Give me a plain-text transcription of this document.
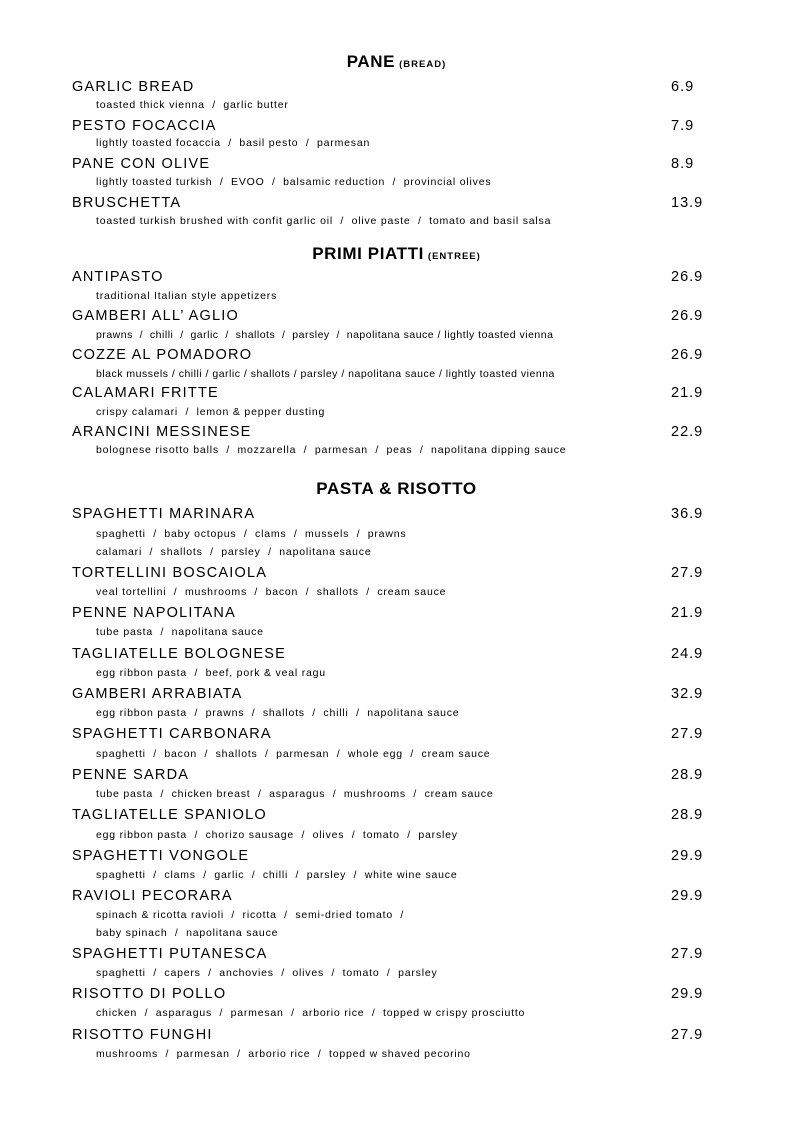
PANE (BREAD)
GARLIC BREAD	6.9
toasted thick vienna  /  garlic butter
PESTO FOCACCIA	7.9
lightly toasted focaccia  /  basil pesto  /  parmesan
PANE CON OLIVE	8.9
lightly toasted turkish  /  EVOO  /  balsamic reduction  /  provincial olives
BRUSCHETTA	13.9
toasted turkish brushed with confit garlic oil  /  olive paste  /  tomato and basil salsa
PRIMI PIATTI (ENTREE)
ANTIPASTO	26.9
traditional Italian style appetizers
GAMBERI ALL’ AGLIO	26.9
prawns  /  chilli  /  garlic  /  shallots  /  parsley  /  napolitana sauce / lightly toasted vienna
COZZE AL POMADORO	26.9
black mussels / chilli / garlic / shallots / parsley / napolitana sauce / lightly toasted vienna
CALAMARI FRITTE	21.9
crispy calamari  /  lemon & pepper dusting
ARANCINI MESSINESE	22.9
bolognese risotto balls  /  mozzarella  /  parmesan  /  peas  /  napolitana dipping sauce
PASTA & RISOTTO
SPAGHETTI MARINARA	36.9
spaghetti  /  baby octopus  /  clams  /  mussels  /  prawns
calamari  /  shallots  /  parsley  /  napolitana sauce
TORTELLINI BOSCAIOLA	27.9
veal tortellini  /  mushrooms  /  bacon  /  shallots  /  cream sauce
PENNE NAPOLITANA	21.9
tube pasta  /  napolitana sauce
TAGLIATELLE BOLOGNESE	24.9
egg ribbon pasta  /  beef, pork & veal ragu
GAMBERI ARRABIATA	32.9
egg ribbon pasta  /  prawns  /  shallots  /  chilli  /  napolitana sauce
SPAGHETTI CARBONARA	27.9
spaghetti  /  bacon  /  shallots  /  parmesan  /  whole egg  /  cream sauce
PENNE SARDA	28.9
tube pasta  /  chicken breast  /  asparagus  /  mushrooms  /  cream sauce
TAGLIATELLE SPANIOLO	28.9
egg ribbon pasta  /  chorizo sausage  /  olives  /  tomato  /  parsley
SPAGHETTI VONGOLE	29.9
spaghetti  /  clams  /  garlic  /  chilli  /  parsley  /  white wine sauce
RAVIOLI PECORARA	29.9
spinach & ricotta ravioli  /  ricotta  /  semi-dried tomato  /
baby spinach  /  napolitana sauce
SPAGHETTI PUTANESCA	27.9
spaghetti  /  capers  /  anchovies  /  olives  /  tomato  /  parsley
RISOTTO DI POLLO	29.9
chicken  /  asparagus  /  parmesan  /  arborio rice  /  topped w crispy prosciutto
RISOTTO FUNGHI	27.9
mushrooms  /  parmesan  /  arborio rice  /  topped w shaved pecorino
